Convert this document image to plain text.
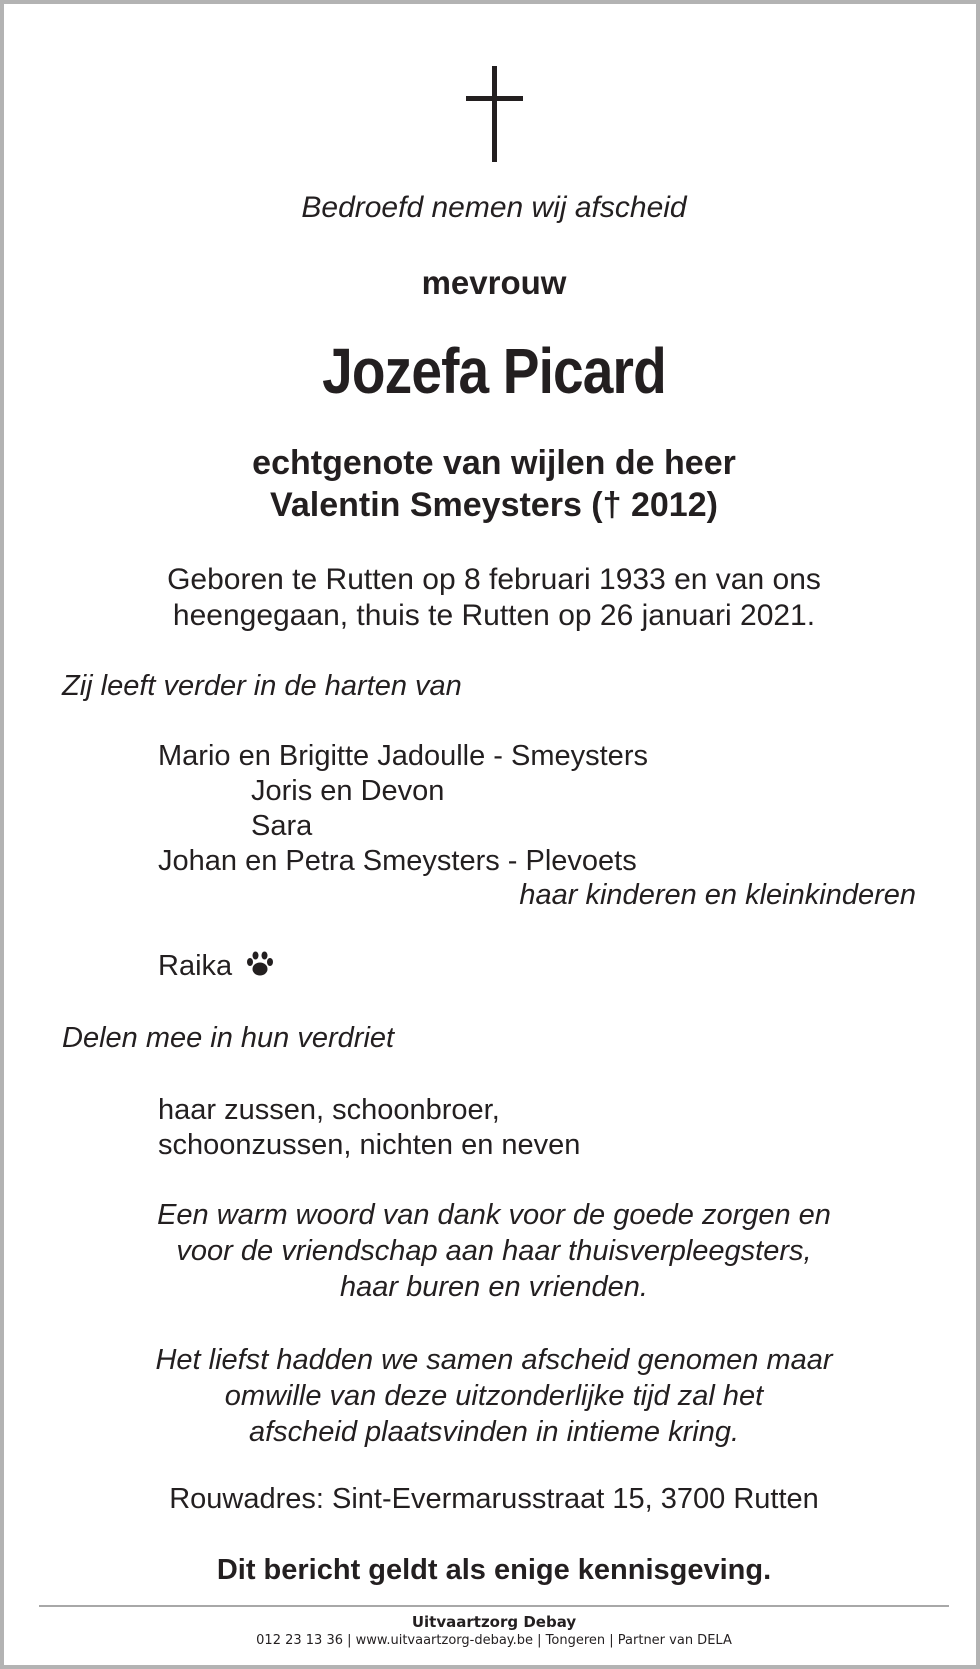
Bedroefd nemen wij afscheid
mevrouw
Jozefa Picard
echtgenote van wijlen de heer
Valentin Smeysters († 2012)
Geboren te Rutten op 8 februari 1933 en van ons
heengegaan, thuis te Rutten op 26 januari 2021.
Zij leeft verder in de harten van
Mario en Brigitte Jadoulle - Smeysters
Joris en Devon
Sara
Johan en Petra Smeysters - Plevoets
haar kinderen en kleinkinderen
Raika
Delen mee in hun verdriet
haar zussen, schoonbroer,
schoonzussen, nichten en neven
Een warm woord van dank voor de goede zorgen en
voor de vriendschap aan haar thuisverpleegsters,
haar buren en vrienden.
Het liefst hadden we samen afscheid genomen maar
omwille van deze uitzonderlijke tijd zal het
afscheid plaatsvinden in intieme kring.
Rouwadres: Sint-Evermarusstraat 15, 3700 Rutten
Dit bericht geldt als enige kennisgeving.
Uitvaartzorg Debay
012 23 13 36 | www.uitvaartzorg-debay.be | Tongeren | Partner van DELA
